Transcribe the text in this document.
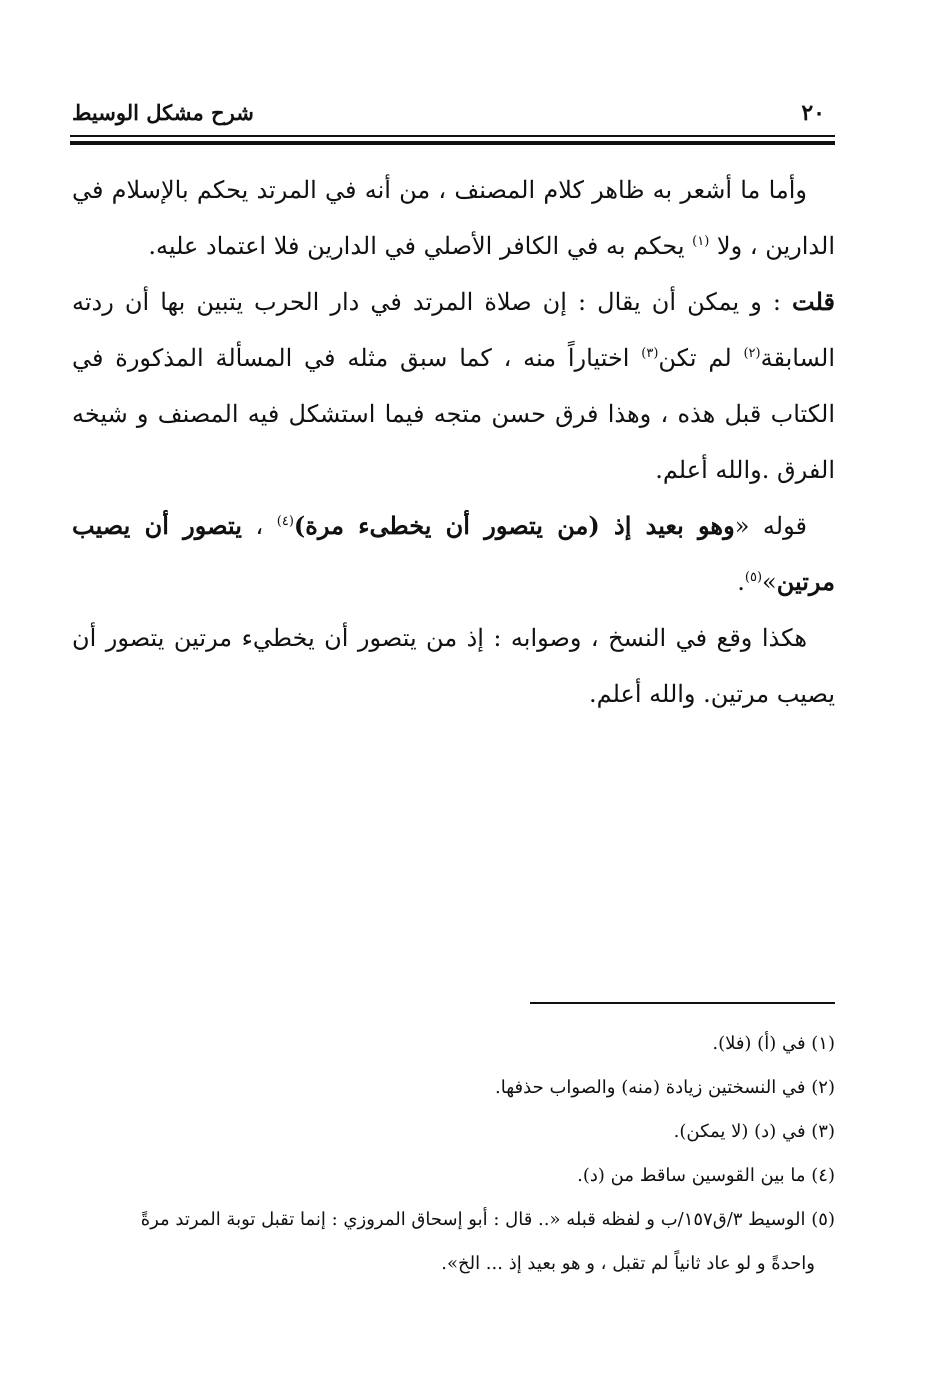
٢٠
شرح مشكل الوسيط

وأما ما أشعر به ظاهر كلام المصنف ، من أنه في المرتد يحكم بالإسلام في الدارين ، ولا $^{(١)}$ يحكم به في الكافر الأصلي في الدارين فلا اعتماد عليه.

قلت : و يمكن أن يقال : إن صلاة المرتد في دار الحرب يتبين بها أن ردته السابقة$^{(٢)}$ لم تكن$^{(٣)}$ اختياراً منه ، كما سبق مثله في المسألة المذكورة في الكتاب قبل هذه ، وهذا فرق حسن متجه فيما استشكل فيه المصنف و شيخه الفرق .والله أعلم.

قوله «وهو بعيد إذ (من يتصور أن يخطىء مرة)$^{(٤)}$ ، يتصور أن يصيب مرتين»$^{(٥)}$.

هكذا وقع في النسخ ، وصوابه : إذ من يتصور أن يخطيء مرتين يتصور أن يصيب مرتين. والله أعلم.

(١) في (أ) (فلا).

(٢) في النسختين زيادة (منه) والصواب حذفها.

(٣) في (د) (لا يمكن).

(٤) ما بين القوسين ساقط من (د).

(٥) الوسيط ٣/ق١٥٧/ب و لفظه قبله «.. قال : أبو إسحاق المروزي : إنما تقبل توبة المرتد مرةً

واحدةً و لو عاد ثانياً لم تقبل ، و هو بعيد إذ ... الخ».
